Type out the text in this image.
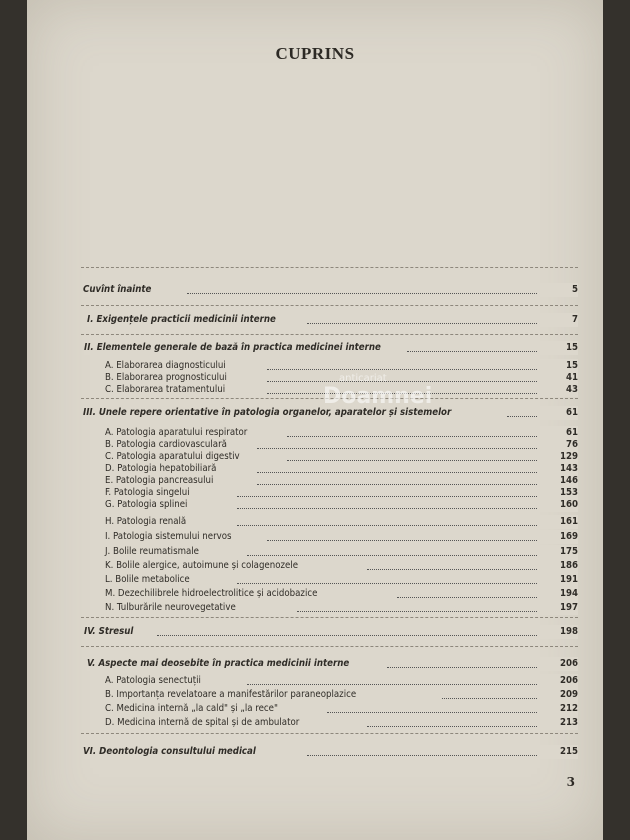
CUPRINS
Cuvînt înainte	5
I. Exigențele practicii medicinii interne	7
II. Elementele generale de bază în practica medicinei interne	15
A. Elaborarea diagnosticului	15
B. Elaborarea prognosticului	41
C. Elaborarea tratamentului	43
III. Unele repere orientative în patologia organelor, aparatelor și sistemelor	61
A. Patologia aparatului respirator	61
B. Patologia cardiovasculară	76
C. Patologia aparatului digestiv	129
D. Patologia hepatobiliară	143
E. Patologia pancreasului	146
F. Patologia singelui	153
G. Patologia splinei	160
H. Patologia renală	161
I. Patologia sistemului nervos	169
J. Bolile reumatismale	175
K. Bolile alergice, autoimune și colagenozele	186
L. Bolile metabolice	191
M. Dezechilibrele hidroelectrolitice și acidobazice	194
N. Tulburările neurovegetative	197
IV. Stresul	198
V. Aspecte mai deosebite în practica medicinii interne	206
A. Patologia senectuții	206
B. Importanța revelatoare a manifestărilor paraneoplazice	209
C. Medicina internă „la cald" și „la rece"	212
D. Medicina internă de spital și de ambulator	213
VI. Deontologia consultului medical	215
3
anticariat
Doamnei
